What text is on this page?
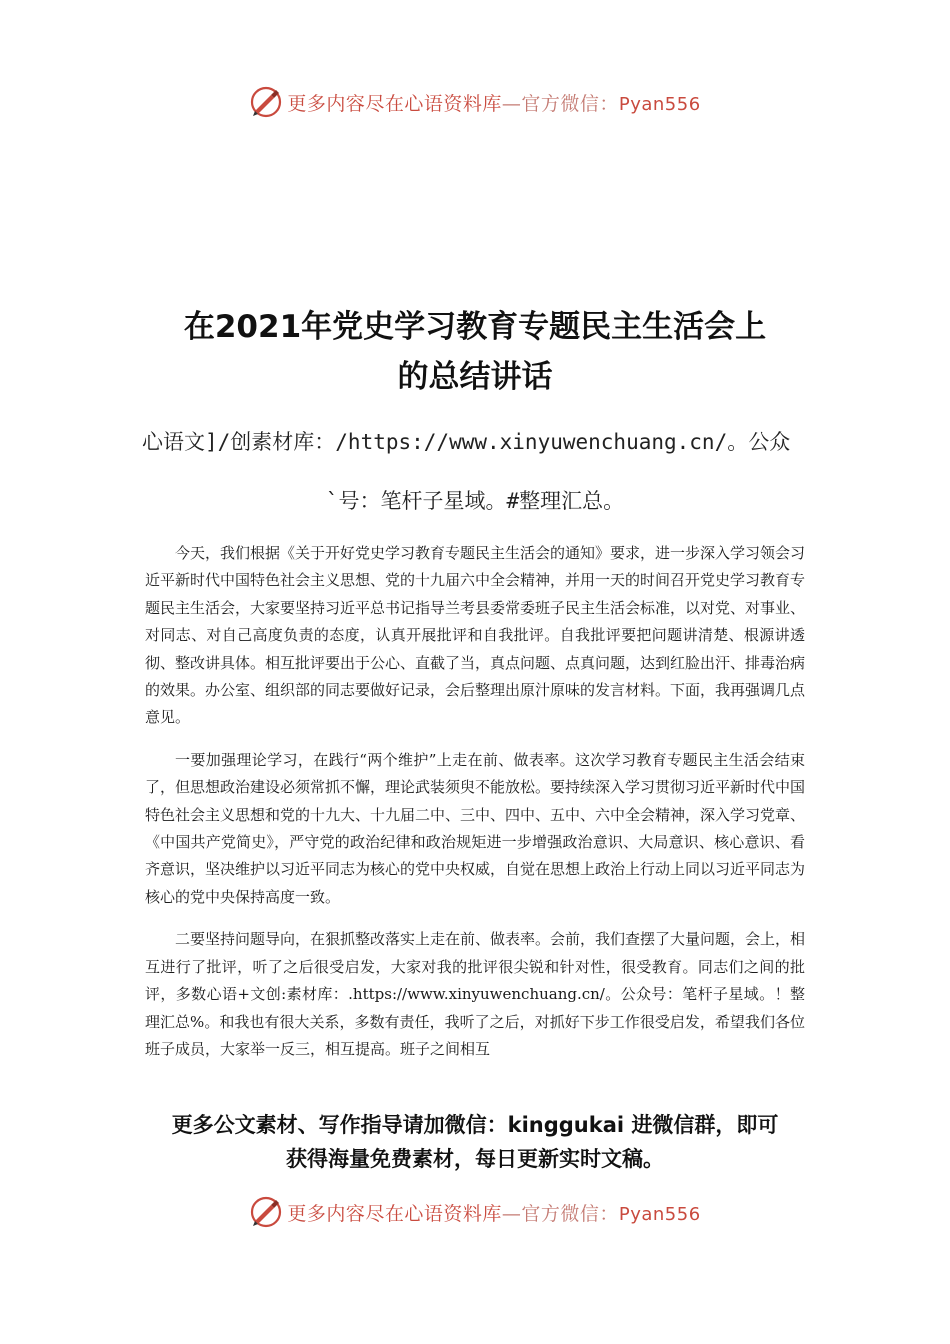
更多内容尽在心语资料库—官方微信：Pyan556
在2021年党史学习教育专题民主生活会上
的总结讲话

心语文]/创素材库：/https://www.xinyuwenchuang.cn/。公众

`号：笔杆子星域。#整理汇总。

今天，我们根据《关于开好党史学习教育专题民主生活会的通知》要求，进一步深入学习领会习近平新时代中国特色社会主义思想、党的十九届六中全会精神，并用一天的时间召开党史学习教育专题民主生活会，大家要坚持习近平总书记指导兰考县委常委班子民主生活会标准，以对党、对事业、对同志、对自己高度负责的态度，认真开展批评和自我批评。自我批评要把问题讲清楚、根源讲透彻、整改讲具体。相互批评要出于公心、直截了当，真点问题、点真问题，达到红脸出汗、排毒治病的效果。办公室、组织部的同志要做好记录，会后整理出原汁原味的发言材料。下面，我再强调几点意见。

一要加强理论学习，在践行“两个维护”上走在前、做表率。这次学习教育专题民主生活会结束了，但思想政治建设必须常抓不懈，理论武装须臾不能放松。要持续深入学习贯彻习近平新时代中国特色社会主义思想和党的十九大、十九届二中、三中、四中、五中、六中全会精神，深入学习党章、《中国共产党简史》，严守党的政治纪律和政治规矩进一步增强政治意识、大局意识、核心意识、看齐意识，坚决维护以习近平同志为核心的党中央权威，自觉在思想上政治上行动上同以习近平同志为核心的党中央保持高度一致。

二要坚持问题导向，在狠抓整改落实上走在前、做表率。会前，我们查摆了大量问题，会上，相互进行了批评，听了之后很受启发，大家对我的批评很尖锐和针对性，很受教育。同志们之间的批评，多数心语+文创:素材库：.https://www.xinyuwenchuang.cn/。公众号：笔杆子星域。！整理汇总%。和我也有很大关系，多数有责任，我听了之后，对抓好下步工作很受启发，希望我们各位班子成员，大家举一反三，相互提高。班子之间相互

更多公文素材、写作指导请加微信：kinggukai 进微信群，即可
获得海量免费素材，每日更新实时文稿。

更多内容尽在心语资料库—官方微信：Pyan556
